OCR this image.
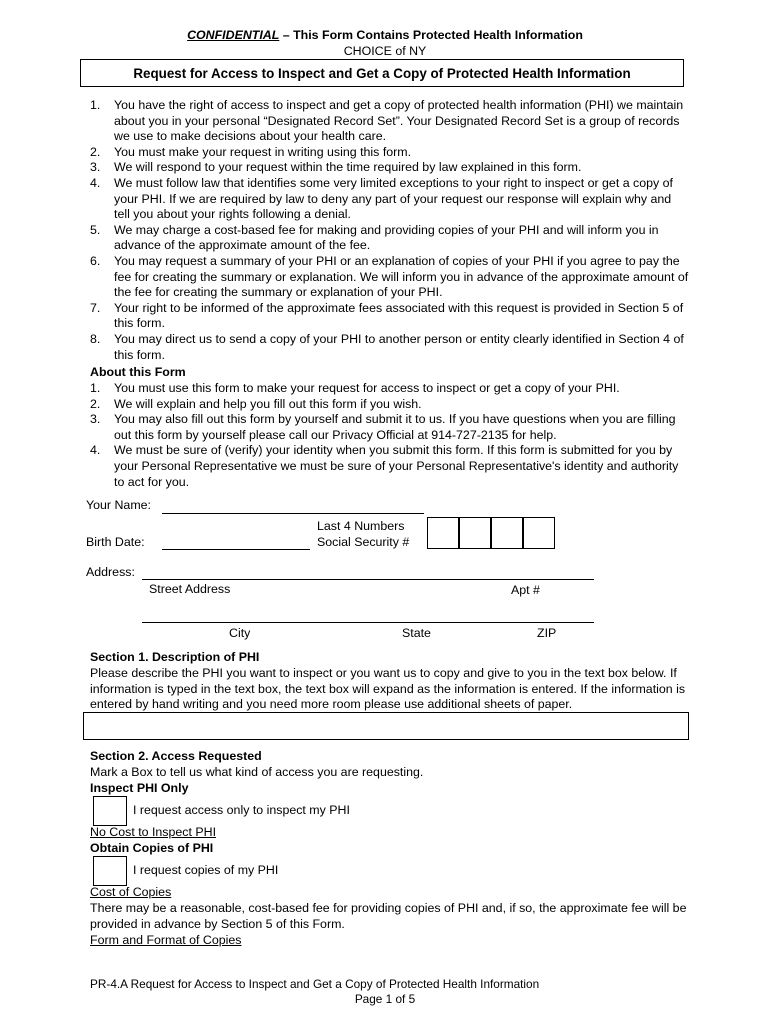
CONFIDENTIAL – This Form Contains Protected Health Information
CHOICE of NY
Request for Access to Inspect and Get a Copy of Protected Health Information
1. You have the right of access to inspect and get a copy of protected health information (PHI) we maintain about you in your personal “Designated Record Set”. Your Designated Record Set is a group of records we use to make decisions about your health care.
2. You must make your request in writing using this form.
3. We will respond to your request within the time required by law explained in this form.
4. We must follow law that identifies some very limited exceptions to your right to inspect or get a copy of your PHI. If we are required by law to deny any part of your request our response will explain why and tell you about your rights following a denial.
5. We may charge a cost-based fee for making and providing copies of your PHI and will inform you in advance of the approximate amount of the fee.
6. You may request a summary of your PHI or an explanation of copies of your PHI if you agree to pay the fee for creating the summary or explanation. We will inform you in advance of the approximate amount of the fee for creating the summary or explanation of your PHI.
7. Your right to be informed of the approximate fees associated with this request is provided in Section 5 of this form.
8. You may direct us to send a copy of your PHI to another person or entity clearly identified in Section 4 of this form.
About this Form
1. You must use this form to make your request for access to inspect or get a copy of your PHI.
2. We will explain and help you fill out this form if you wish.
3. You may also fill out this form by yourself and submit it to us. If you have questions when you are filling out this form by yourself please call our Privacy Official at 914-727-2135 for help.
4. We must be sure of (verify) your identity when you submit this form. If this form is submitted for you by your Personal Representative we must be sure of your Personal Representative's identity and authority to act for you.
Your Name:
Last 4 Numbers
Social Security #
Birth Date:
Address:
Street Address	Apt #
City	State	ZIP
Section 1. Description of PHI
Please describe the PHI you want to inspect or you want us to copy and give to you in the text box below. If information is typed in the text box, the text box will expand as the information is entered. If the information is entered by hand writing and you need more room please use additional sheets of paper.
Section 2. Access Requested
Mark a Box to tell us what kind of access you are requesting.
Inspect PHI Only
I request access only to inspect my PHI
No Cost to Inspect PHI
Obtain Copies of PHI
I request copies of my PHI
Cost of Copies
There may be a reasonable, cost-based fee for providing copies of PHI and, if so, the approximate fee will be provided in advance by Section 5 of this Form.
Form and Format of Copies
PR-4.A Request for Access to Inspect and Get a Copy of Protected Health Information
Page 1 of 5
